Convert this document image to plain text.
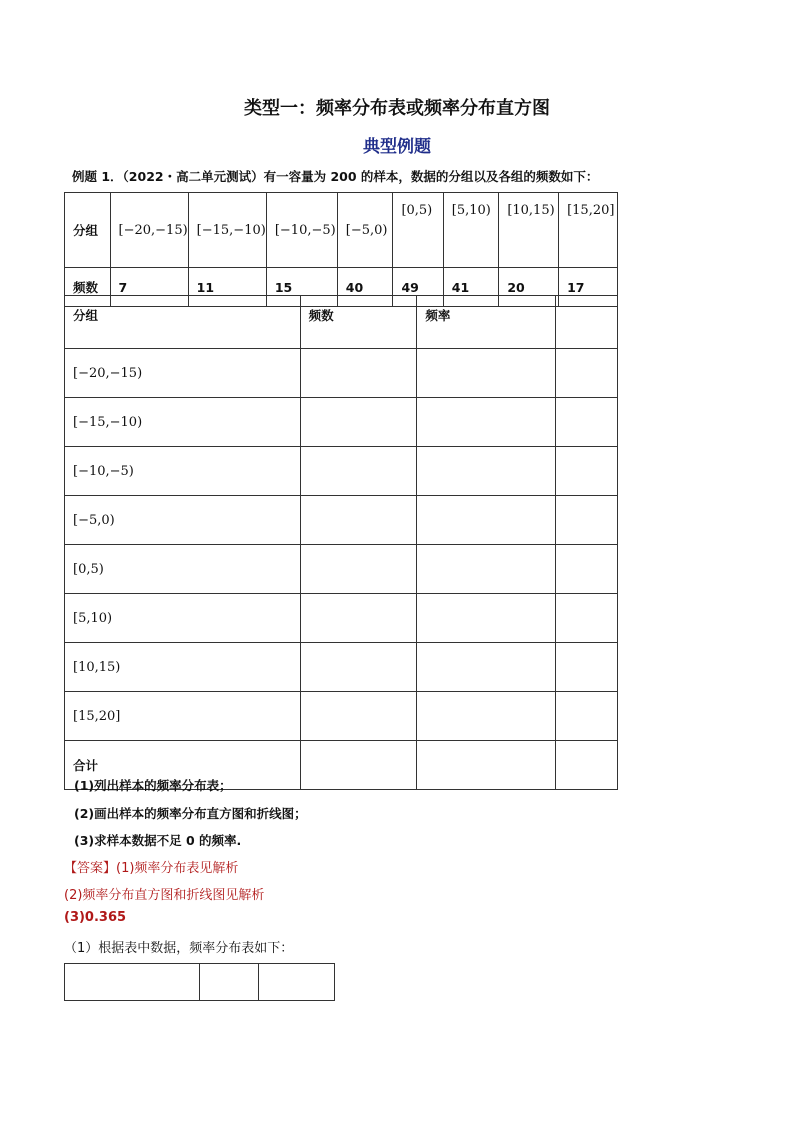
类型一：频率分布表或频率分布直方图
典型例题
例题 1．（2022・高二单元测试）有一容量为 200 的样本，数据的分组以及各组的频数如下：
分组	[−20,−15)	[−15,−10)	[−10,−5)	[−5,0)	[0,5)	[5,10)	[10,15)	[15,20]
频数	7	11	15	40	49	41	20	17
分组	频数	频率	
[−20,−15)			
[−15,−10)			
[−10,−5)			
[−5,0)			
[0,5)			
[5,10)			
[10,15)			
[15,20]			
合计			
(1)列出样本的频率分布表；
(2)画出样本的频率分布直方图和折线图；
(3)求样本数据不足 0 的频率.
【答案】(1)频率分布表见解析
(2)频率分布直方图和折线图见解析
(3)0.365
（1）根据表中数据，频率分布表如下：
